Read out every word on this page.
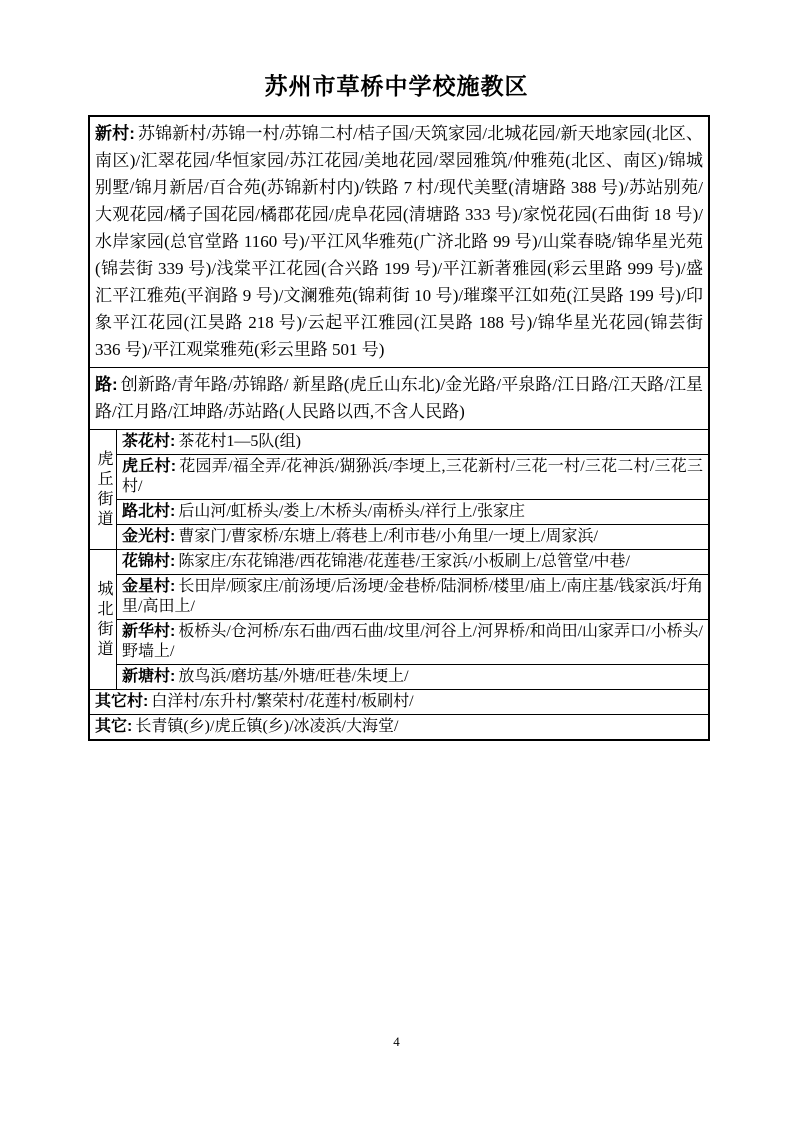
苏州市草桥中学校施教区
新村: 苏锦新村/苏锦一村/苏锦二村/桔子国/天筑家园/北城花园/新天地家园(北区、南区)/汇翠花园/华恒家园/苏江花园/美地花园/翠园雅筑/仲雅苑(北区、南区)/锦城别墅/锦月新居/百合苑(苏锦新村内)/铁路 7 村/现代美墅(清塘路 388 号)/苏站别苑/大观花园/橘子国花园/橘郡花园/虎阜花园(清塘路 333 号)/家悦花园(石曲街 18 号)/水岸家园(总官堂路 1160 号)/平江风华雅苑(广济北路 99 号)/山棠春晓/锦华星光苑(锦芸街 339 号)/浅棠平江花园(合兴路 199 号)/平江新著雅园(彩云里路 999 号)/盛汇平江雅苑(平润路 9 号)/文澜雅苑(锦莉街 10 号)/璀璨平江如苑(江昊路 199 号)/印象平江花园(江昊路 218 号)/云起平江雅园(江昊路 188 号)/锦华星光花园(锦芸街 336 号)/平江观棠雅苑(彩云里路 501 号)
路: 创新路/青年路/苏锦路/ 新星路(虎丘山东北)/金光路/平泉路/江日路/江天路/江星路/江月路/江坤路/苏站路(人民路以西,不含人民路)
虎丘街道
茶花村: 茶花村1—5队(组)
虎丘村: 花园弄/福全弄/花神浜/猢狲浜/李埂上,三花新村/三花一村/三花二村/三花三村/
路北村: 后山河/虹桥头/娄上/木桥头/南桥头/祥行上/张家庄
金光村: 曹家门/曹家桥/东塘上/蒋巷上/利市巷/小角里/一埂上/周家浜/
城北街道
花锦村: 陈家庄/东花锦港/西花锦港/花莲巷/王家浜/小板刷上/总管堂/中巷/
金星村: 长田岸/顾家庄/前汤埂/后汤埂/金巷桥/陆洞桥/楼里/庙上/南庄基/钱家浜/圩角里/高田上/
新华村: 板桥头/仓河桥/东石曲/西石曲/坟里/河谷上/河界桥/和尚田/山家弄口/小桥头/野墙上/
新塘村: 放鸟浜/磨坊基/外塘/旺巷/朱埂上/
其它村: 白洋村/东升村/繁荣村/花莲村/板刷村/
其它: 长青镇(乡)/虎丘镇(乡)/冰凌浜/大海堂/
4
